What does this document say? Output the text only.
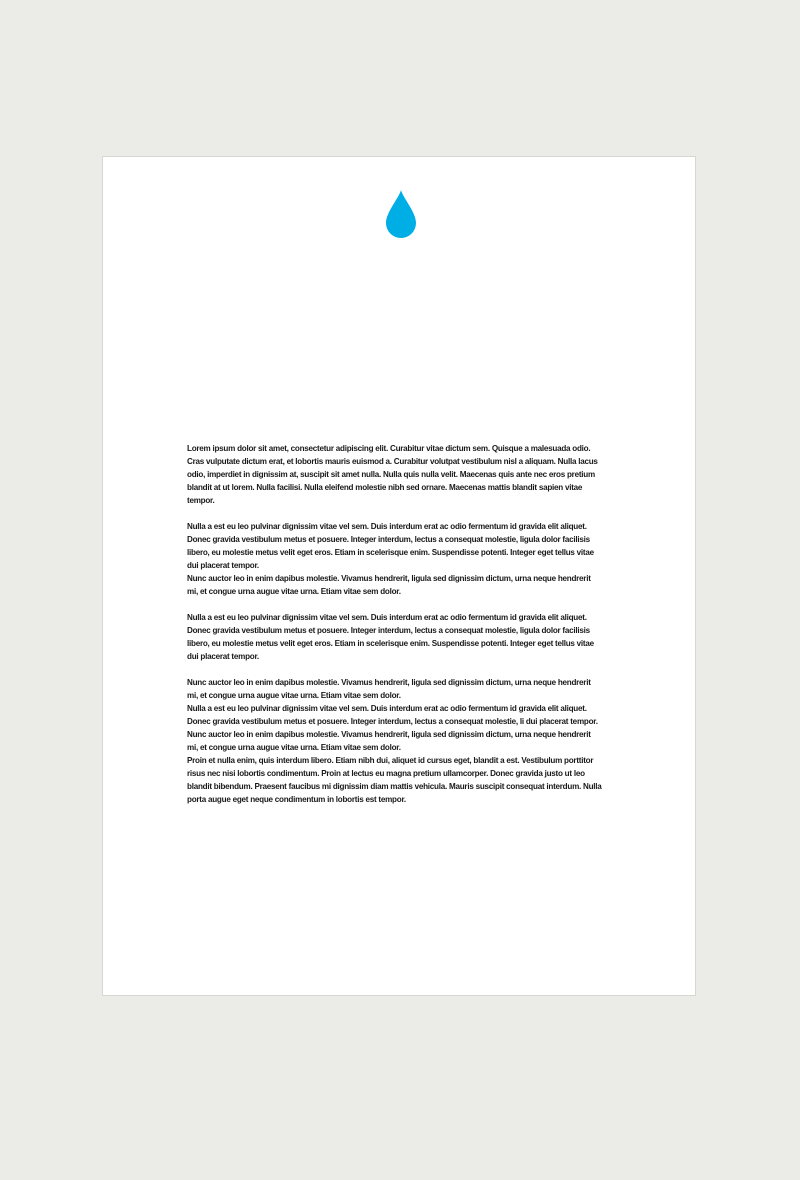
Lorem ipsum dolor sit amet, consectetur adipiscing elit. Curabitur vitae dictum sem. Quisque a malesuada odio.
Cras vulputate dictum erat, et lobortis mauris euismod a. Curabitur volutpat vestibulum nisl a aliquam. Nulla lacus
odio, imperdiet in dignissim at, suscipit sit amet nulla. Nulla quis nulla velit. Maecenas quis ante nec eros pretium
blandit at ut lorem. Nulla facilisi. Nulla eleifend molestie nibh sed ornare. Maecenas mattis blandit sapien vitae
tempor.

Nulla a est eu leo pulvinar dignissim vitae vel sem. Duis interdum erat ac odio fermentum id gravida elit aliquet.
Donec gravida vestibulum metus et posuere. Integer interdum, lectus a consequat molestie, ligula dolor facilisis
libero, eu molestie metus velit eget eros. Etiam in scelerisque enim. Suspendisse potenti. Integer eget tellus vitae
dui placerat tempor.
Nunc auctor leo in enim dapibus molestie. Vivamus hendrerit, ligula sed dignissim dictum, urna neque hendrerit
mi, et congue urna augue vitae urna. Etiam vitae sem dolor.

Nulla a est eu leo pulvinar dignissim vitae vel sem. Duis interdum erat ac odio fermentum id gravida elit aliquet.
Donec gravida vestibulum metus et posuere. Integer interdum, lectus a consequat molestie, ligula dolor facilisis
libero, eu molestie metus velit eget eros. Etiam in scelerisque enim. Suspendisse potenti. Integer eget tellus vitae
dui placerat tempor.

Nunc auctor leo in enim dapibus molestie. Vivamus hendrerit, ligula sed dignissim dictum, urna neque hendrerit
mi, et congue urna augue vitae urna. Etiam vitae sem dolor.
Nulla a est eu leo pulvinar dignissim vitae vel sem. Duis interdum erat ac odio fermentum id gravida elit aliquet.
Donec gravida vestibulum metus et posuere. Integer interdum, lectus a consequat molestie, li dui placerat tempor.
Nunc auctor leo in enim dapibus molestie. Vivamus hendrerit, ligula sed dignissim dictum, urna neque hendrerit
mi, et congue urna augue vitae urna. Etiam vitae sem dolor.
Proin et nulla enim, quis interdum libero. Etiam nibh dui, aliquet id cursus eget, blandit a est. Vestibulum porttitor
risus nec nisi lobortis condimentum. Proin at lectus eu magna pretium ullamcorper. Donec gravida justo ut leo
blandit bibendum. Praesent faucibus mi dignissim diam mattis vehicula. Mauris suscipit consequat interdum. Nulla
porta augue eget neque condimentum in lobortis est tempor.
